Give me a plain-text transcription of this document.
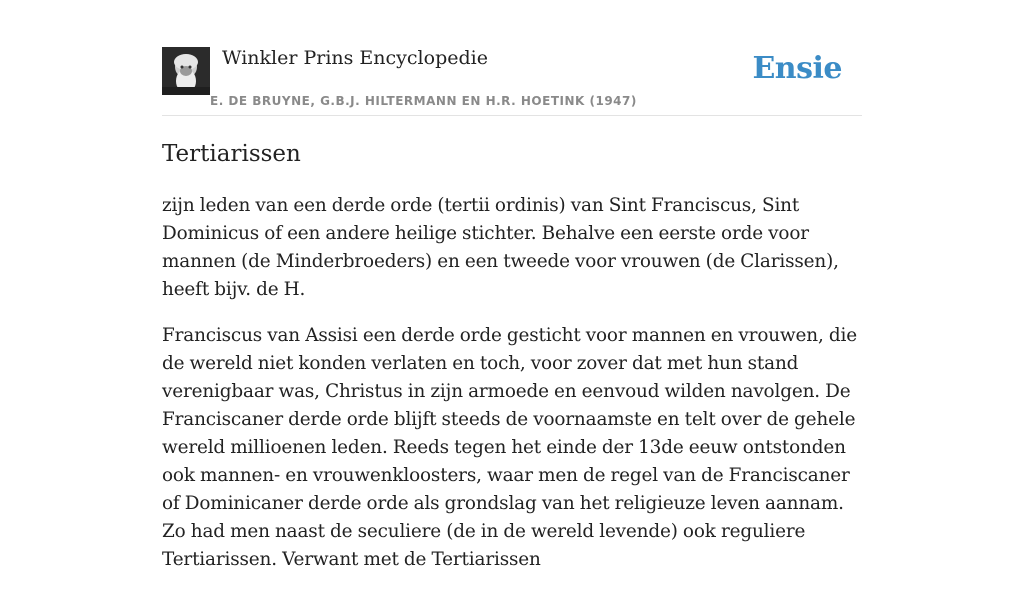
Winkler Prins Encyclopedie
E. DE BRUYNE, G.B.J. HILTERMANN EN H.R. HOETINK (1947)
Ensie
Tertiarissen

zijn leden van een derde orde (tertii ordinis) van Sint Franciscus, Sint Dominicus of een andere heilige stichter. Behalve een eerste orde voor mannen (de Minderbroeders) en een tweede voor vrouwen (de Clarissen), heeft bijv. de H.

Franciscus van Assisi een derde orde gesticht voor mannen en vrouwen, die de wereld niet konden verlaten en toch, voor zover dat met hun stand verenigbaar was, Christus in zijn armoede en eenvoud wilden navolgen. De Franciscaner derde orde blijft steeds de voornaamste en telt over de gehele wereld millioenen leden. Reeds tegen het einde der 13de eeuw ontstonden ook mannen- en vrouwenkloosters, waar men de regel van de Franciscaner of Dominicaner derde orde als grondslag van het religieuze leven aannam. Zo had men naast de seculiere (de in de wereld levende) ook reguliere Tertiarissen. Verwant met de Tertiarissen
